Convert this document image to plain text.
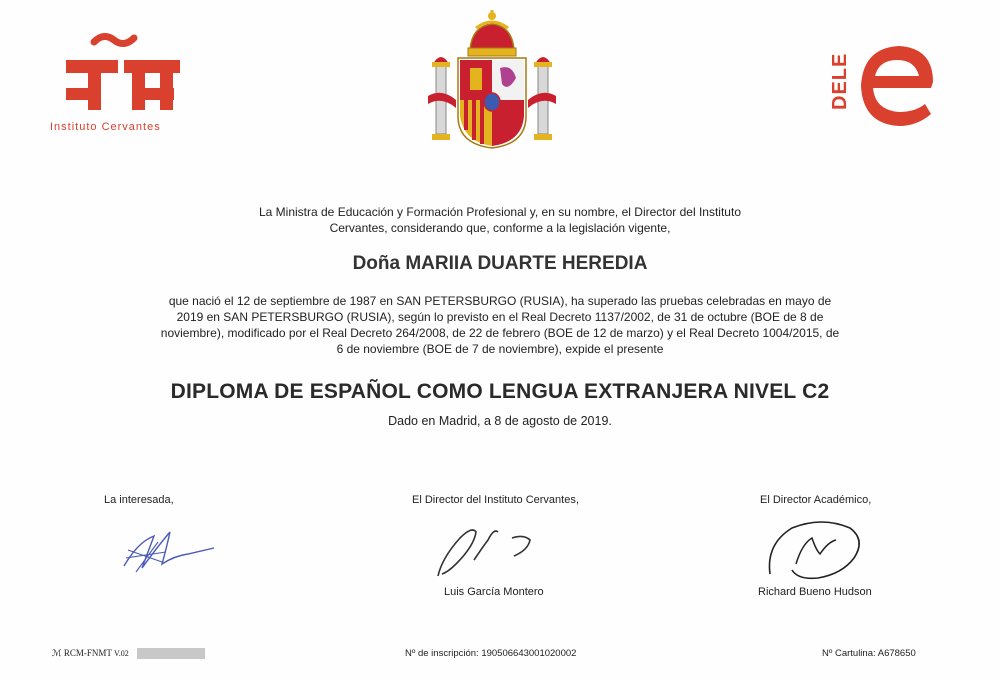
Instituto Cervantes
DELE

La Ministra de Educación y Formación Profesional y, en su nombre, el Director del Instituto

Cervantes, considerando que, conforme a la legislación vigente,

Doña MARIIA DUARTE HEREDIA

que nació el 12 de septiembre de 1987 en SAN PETERSBURGO (RUSIA), ha superado las pruebas celebradas en mayo de

2019 en SAN PETERSBURGO (RUSIA), según lo previsto en el Real Decreto 1137/2002, de 31 de octubre (BOE de 8 de

noviembre), modificado por el Real Decreto 264/2008, de 22 de febrero (BOE de 12 de marzo) y el Real Decreto 1004/2015, de

6 de noviembre (BOE de 7 de noviembre), expide el presente

DIPLOMA DE ESPAÑOL COMO LENGUA EXTRANJERA NIVEL C2
Dado en Madrid, a 8 de agosto de 2019.
La interesada,	El Director del Instituto Cervantes,
Luis García Montero
El Director Académico,
Richard Bueno Hudson
ℳ RCM-FNMT V.02	Nº de inscripción: 190506643001020002	Nº Cartulina: A678650
